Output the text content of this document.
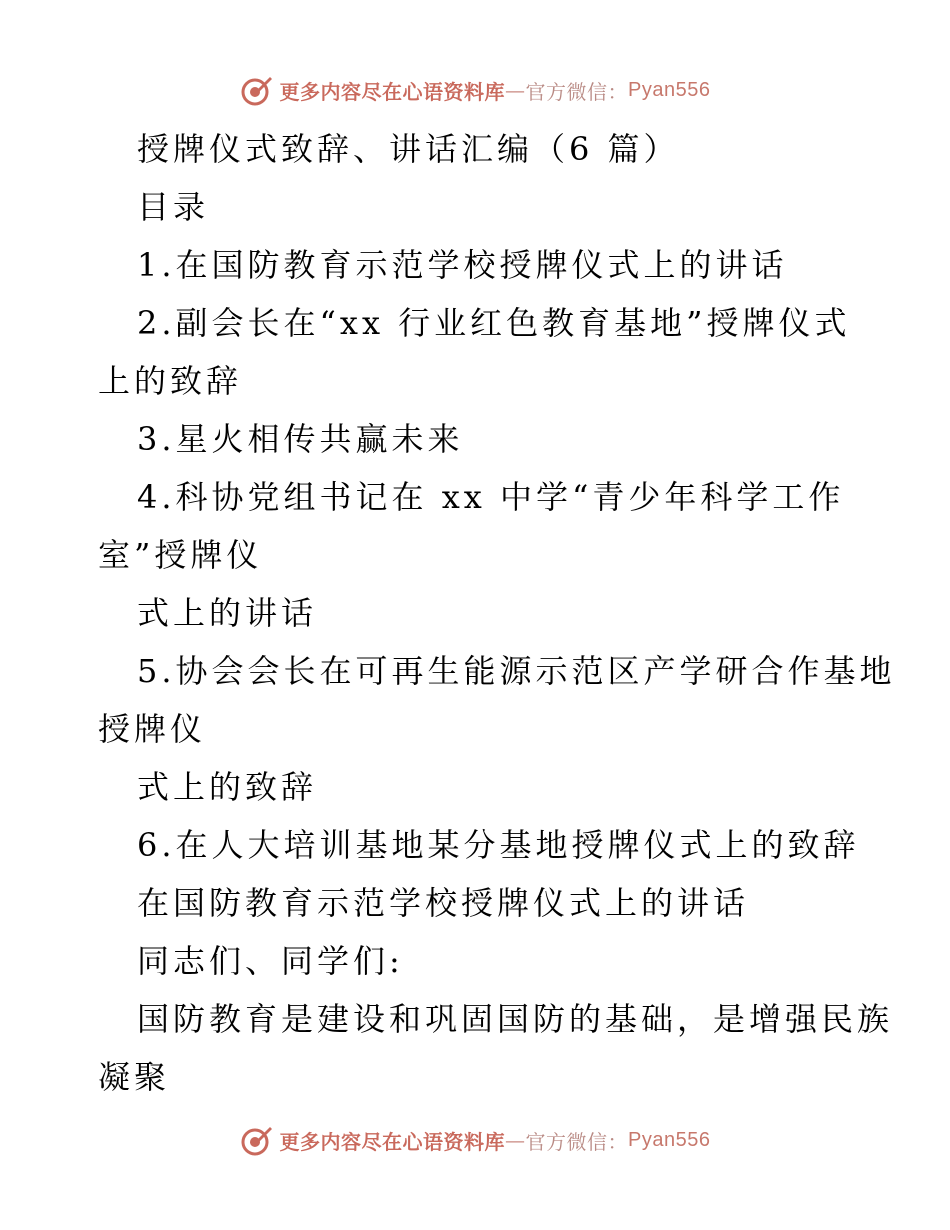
更多内容尽在心语资料库 — 官方微信： Pyan556
授牌仪式致辞、讲话汇编（6 篇）
目录
1.在国防教育示范学校授牌仪式上的讲话
2.副会长在“xx 行业红色教育基地”授牌仪式
上的致辞
3.星火相传共赢未来
4.科协党组书记在 xx 中学“青少年科学工作
室”授牌仪
式上的讲话
5.协会会长在可再生能源示范区产学研合作基地
授牌仪
式上的致辞
6.在人大培训基地某分基地授牌仪式上的致辞
在国防教育示范学校授牌仪式上的讲话
同志们、同学们:
国防教育是建设和巩固国防的基础，是增强民族
凝聚
更多内容尽在心语资料库 — 官方微信： Pyan556
